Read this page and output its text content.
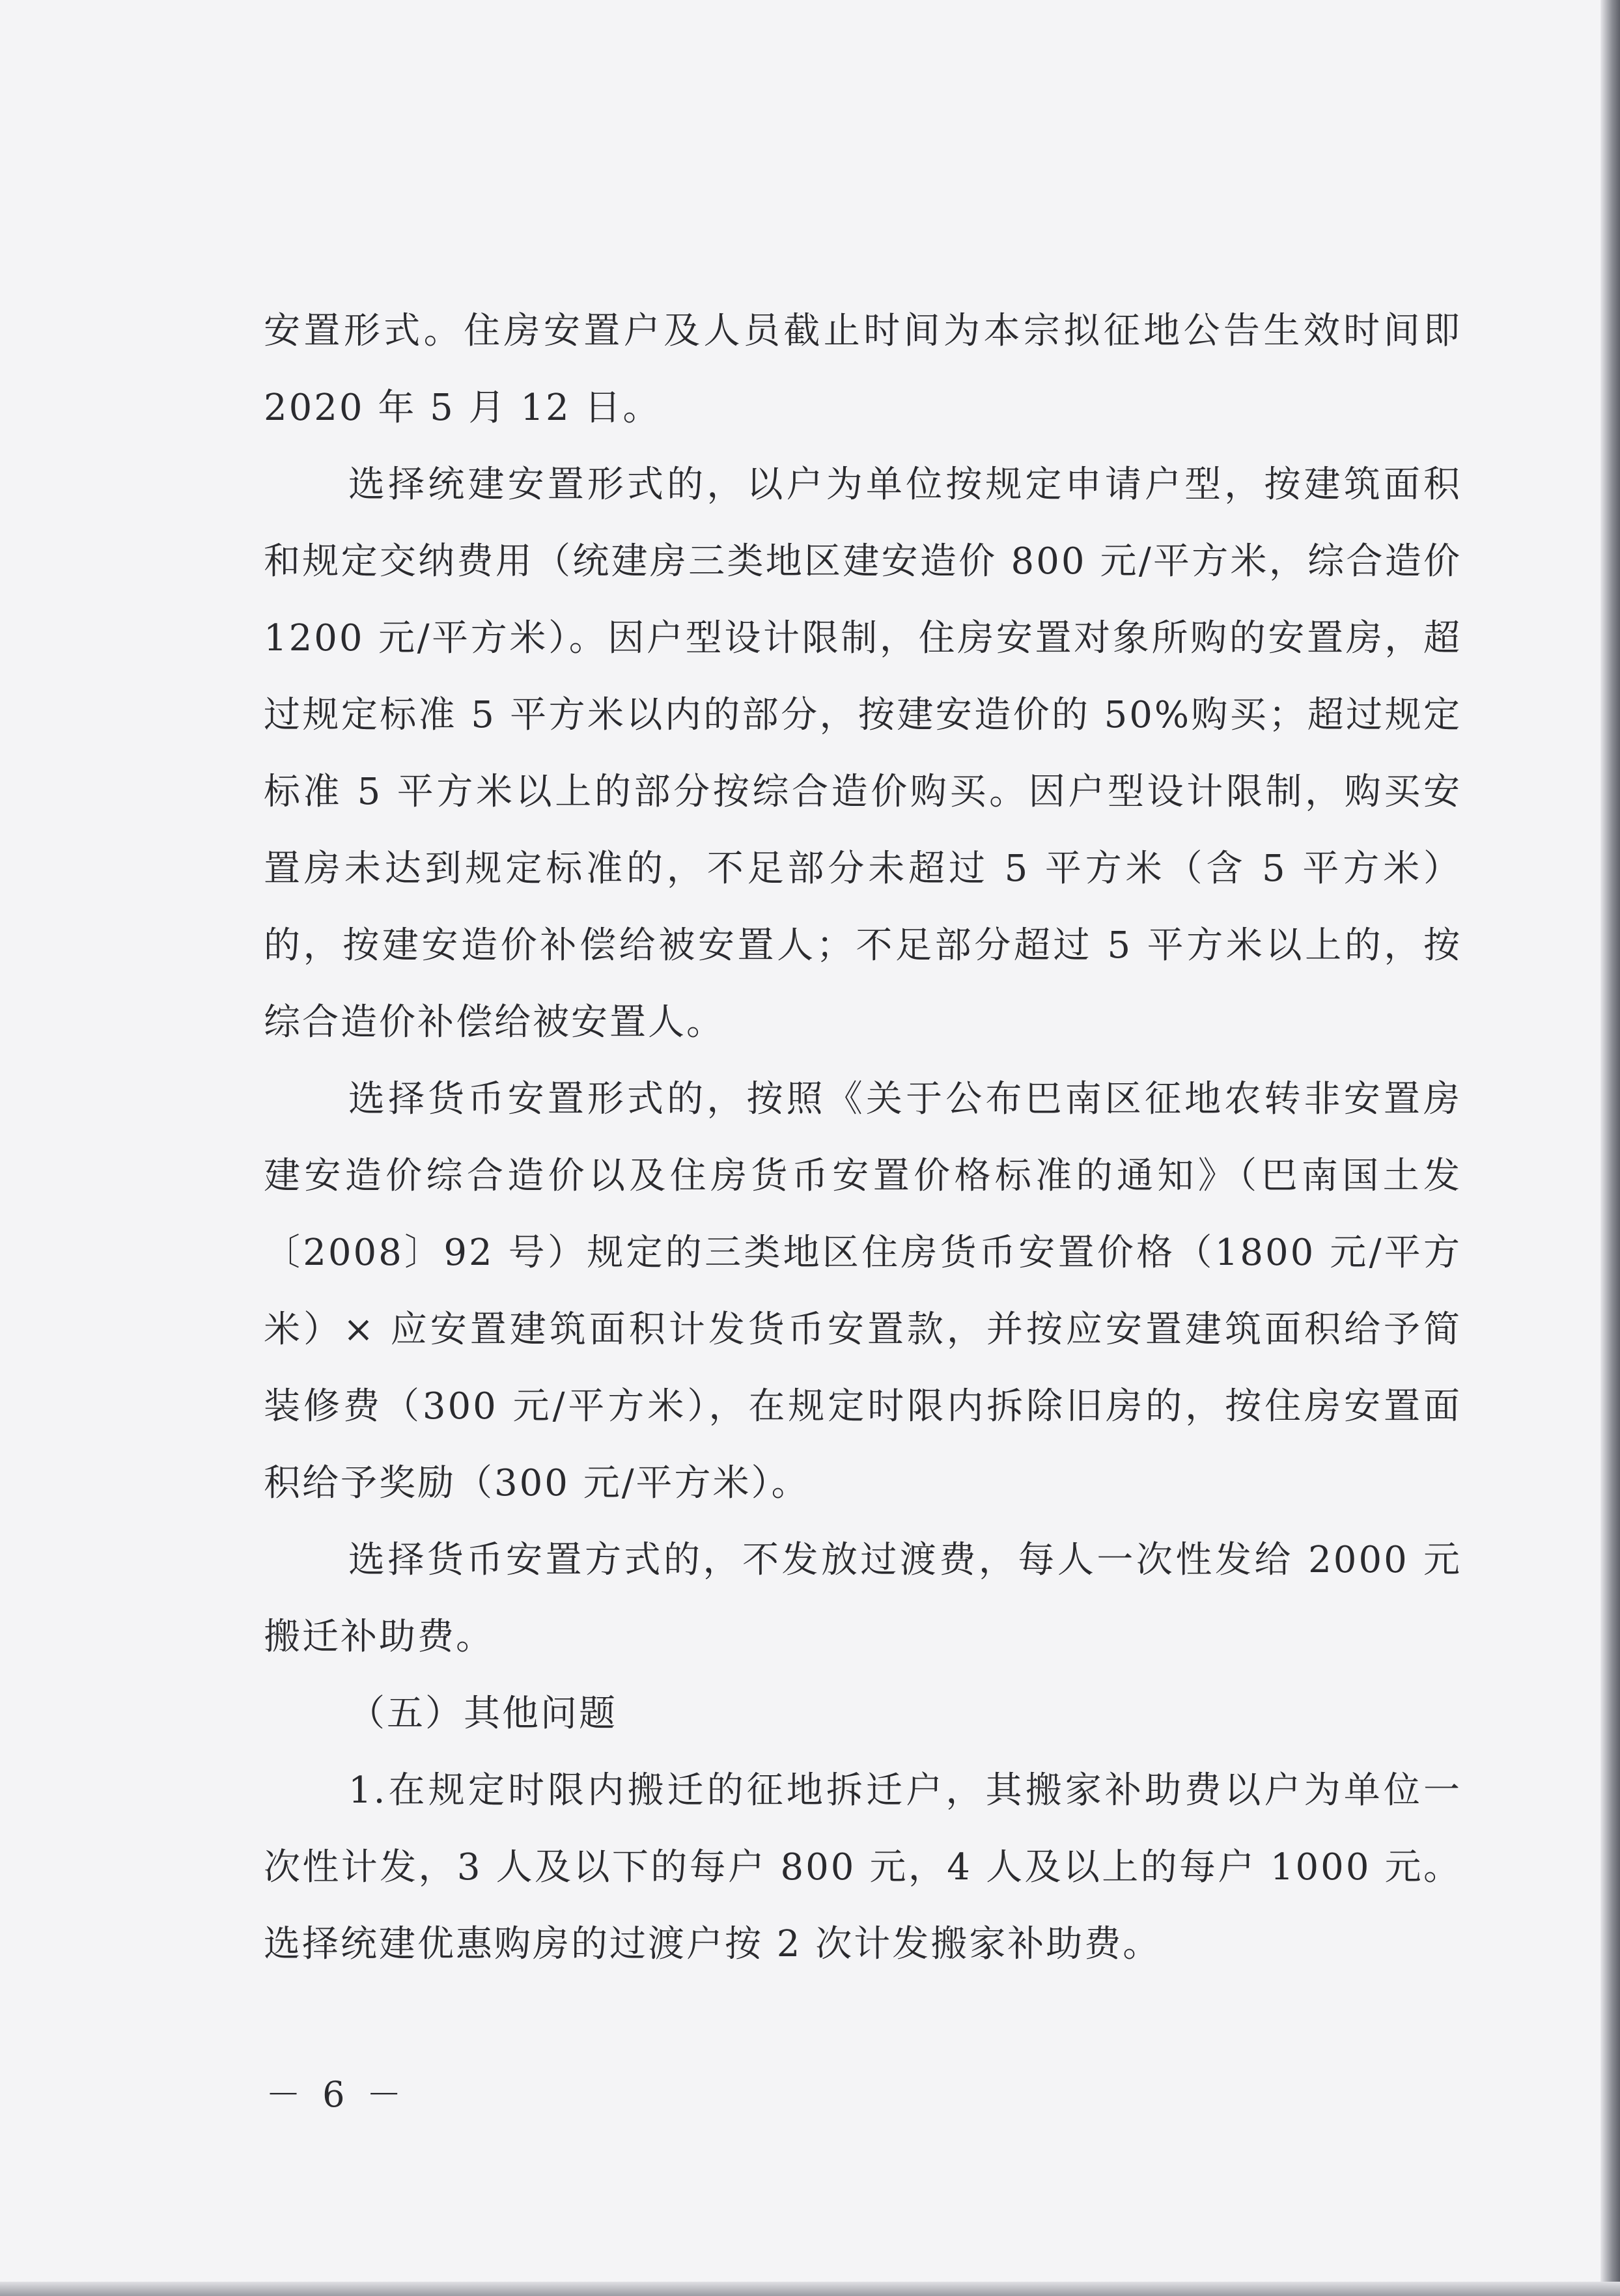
安置形式。住房安置户及人员截止时间为本宗拟征地公告生效时间即 2020 年 5 月 12 日。

选择统建安置形式的，以户为单位按规定申请户型，按建筑面积和规定交纳费用（统建房三类地区建安造价 800 元/平方米，综合造价 1200 元/平方米）。因户型设计限制，住房安置对象所购的安置房，超过规定标准 5 平方米以内的部分，按建安造价的 50%购买；超过规定标准 5 平方米以上的部分按综合造价购买。因户型设计限制，购买安置房未达到规定标准的，不足部分未超过 5 平方米（含 5 平方米）的，按建安造价补偿给被安置人；不足部分超过 5 平方米以上的，按综合造价补偿给被安置人。

选择货币安置形式的，按照《关于公布巴南区征地农转非安置房建安造价综合造价以及住房货币安置价格标准的通知》（巴南国土发〔2008〕92 号）规定的三类地区住房货币安置价格（1800 元/平方米）× 应安置建筑面积计发货币安置款，并按应安置建筑面积给予简装修费（300 元/平方米），在规定时限内拆除旧房的，按住房安置面积给予奖励（300 元/平方米）。

选择货币安置方式的，不发放过渡费，每人一次性发给 2000 元搬迁补助费。

（五）其他问题

1.在规定时限内搬迁的征地拆迁户，其搬家补助费以户为单位一次性计发，3 人及以下的每户 800 元，4 人及以上的每户 1000 元。选择统建优惠购房的过渡户按 2 次计发搬家补助费。

－ 6 －
